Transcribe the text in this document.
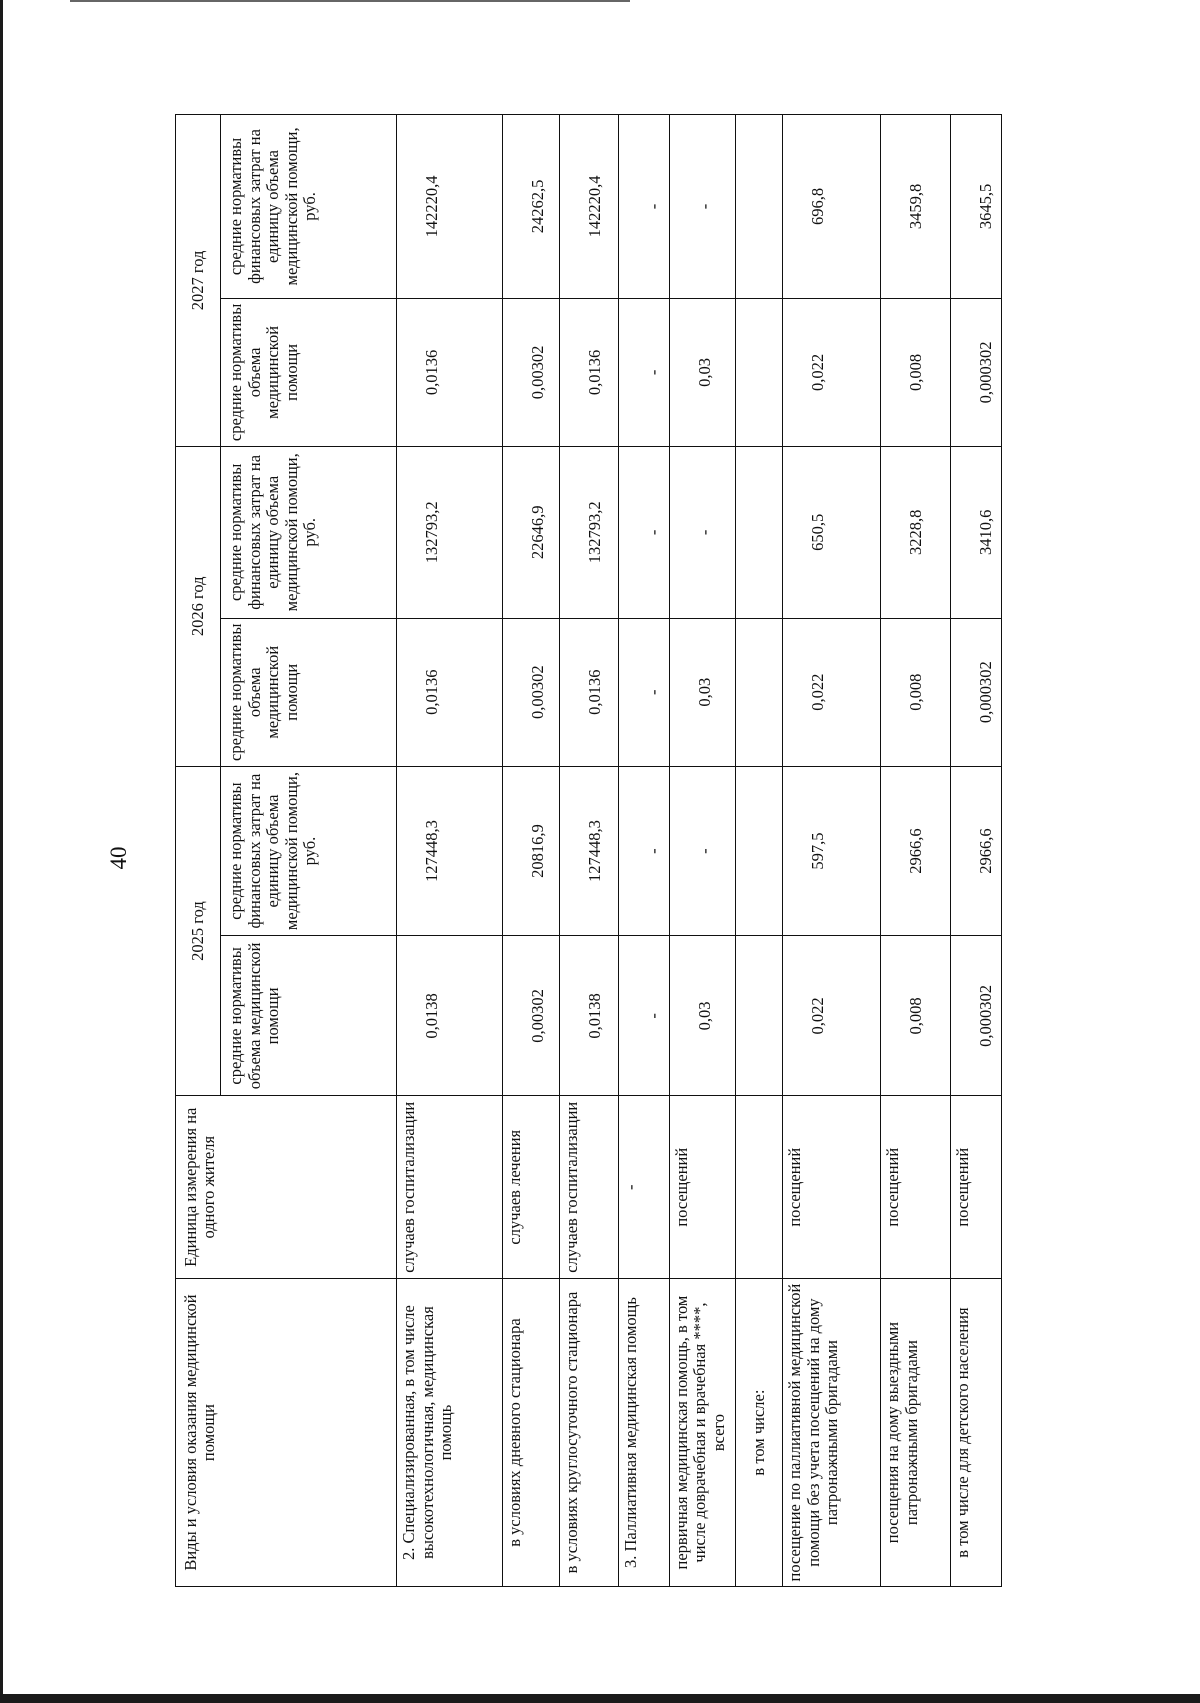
40
Виды и условия оказания медицинской помощи	Единица измерения на одного жителя	2025 год		2026 год		2027 год	
		средние нормативы объема медицинской помощи	средние нормативы финансовых затрат на единицу объема медицинской помощи, руб.	средние нормативы объема медицинской помощи	средние нормативы финансовых затрат на единицу объема медицинской помощи, руб.	средние нормативы объема медицинской помощи	средние нормативы финансовых затрат на единицу объема медицинской помощи, руб.
2. Специализированная, в том числе высокотехнологичная, медицинская помощь	случаев госпитализации	0,0138	127448,3	0,0136	132793,2	0,0136	142220,4
в условиях дневного стационара	случаев лечения	0,00302	20816,9	0,00302	22646,9	0,00302	24262,5
в условиях круглосуточного стационара	случаев госпитализации	0,0138	127448,3	0,0136	132793,2	0,0136	142220,4
3. Паллиативная медицинская помощь	-	-	-	-	-	-	-
первичная медицинская помощь, в том числе доврачебная и врачебная ****, всего	посещений	0,03	-	0,03	-	0,03	-
в том числе:							
посещение по паллиативной медицинской помощи без учета посещений на дому патронажными бригадами	посещений	0,022	597,5	0,022	650,5	0,022	696,8
посещения на дому выездными патронажными бригадами	посещений	0,008	2966,6	0,008	3228,8	0,008	3459,8
в том числе для детского населения	посещений	0,000302	2966,6	0,000302	3410,6	0,000302	3645,5
